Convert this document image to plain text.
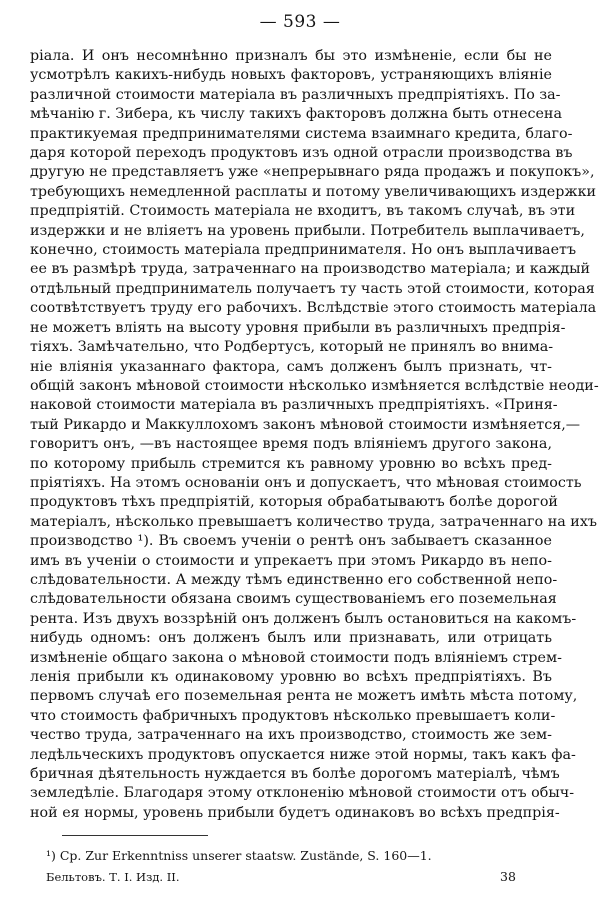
— 593 —
ріала. И онъ несомнѣнно призналъ бы это измѣненіе, если бы не
усмотрѣлъ какихъ-нибудь новыхъ факторовъ, устраняющихъ вліяніе
различной стоимости матеріала въ различныхъ предпріятіяхъ. По за-
мѣчанію г. Зибера, къ числу такихъ факторовъ должна быть отнесена
практикуемая предпринимателями система взаимнаго кредита, благо-
даря которой переходъ продуктовъ изъ одной отрасли производства въ
другую не представляетъ уже «непрерывнаго ряда продажъ и покупокъ»,
требующихъ немедленной расплаты и потому увеличивающихъ издержки
предпріятій. Стоимость матеріала не входитъ, въ такомъ случаѣ, въ эти
издержки и не вліяетъ на уровень прибыли. Потребитель выплачиваетъ,
конечно, стоимость матеріала предпринимателя. Но онъ выплачиваетъ
ее въ размѣрѣ труда, затраченнаго на производство матеріала; и каждый
отдѣльный предприниматель получаетъ ту часть этой стоимости, которая
соотвѣтствуетъ труду его рабочихъ. Вслѣдствіе этого стоимость матеріала
не можетъ вліять на высоту уровня прибыли въ различныхъ предпрія-
тіяхъ. Замѣчательно, что Родбертусъ, который не принялъ во внима-
ніе вліянія указаннаго фактора, самъ долженъ былъ признать, чт-
общій законъ мѣновой стоимости нѣсколько измѣняется вслѣдствіе неоди-
наковой стоимости матеріала въ различныхъ предпріятіяхъ. «Приня-
тый Рикардо и Маккуллохомъ законъ мѣновой стоимости измѣняется,—
говоритъ онъ, —въ настоящее время подъ вліяніемъ другого закона,
по которому прибыль стремится къ равному уровню во всѣхъ пред-
пріятіяхъ. На этомъ основаніи онъ и допускаетъ, что мѣновая стоимость
продуктовъ тѣхъ предпріятій, которыя обрабатываютъ болѣе дорогой
матеріалъ, нѣсколько превышаетъ количество труда, затраченнаго на ихъ
производство ¹). Въ своемъ ученіи о рентѣ онъ забываетъ сказанное
имъ въ ученіи о стоимости и упрекаетъ при этомъ Рикардо въ непо-
слѣдовательности. А между тѣмъ единственно его собственной непо-
слѣдовательности обязана своимъ существованіемъ его поземельная
рента. Изъ двухъ воззрѣній онъ долженъ былъ остановиться на какомъ-
нибудь одномъ: онъ долженъ былъ или признавать, или отрицать
измѣненіе общаго закона о мѣновой стоимости подъ вліяніемъ стрем-
ленія прибыли къ одинаковому уровню во всѣхъ предпріятіяхъ. Въ
первомъ случаѣ его поземельная рента не можетъ имѣть мѣста потому,
что стоимость фабричныхъ продуктовъ нѣсколько превышаетъ коли-
чество труда, затраченнаго на ихъ производство, стоимость же зем-
ледѣльческихъ продуктовъ опускается ниже этой нормы, такъ какъ фа-
бричная дѣятельность нуждается въ болѣе дорогомъ матеріалѣ, чѣмъ
земледѣліе. Благодаря этому отклоненію мѣновой стоимости отъ обыч-
ной ея нормы, уровень прибыли будетъ одинаковъ во всѣхъ предпрія-
¹) Cp. Zur Erkenntniss unserer staatsw. Zustände, S. 160—1.
Бельтовъ. Т. I. Изд. II.	38
